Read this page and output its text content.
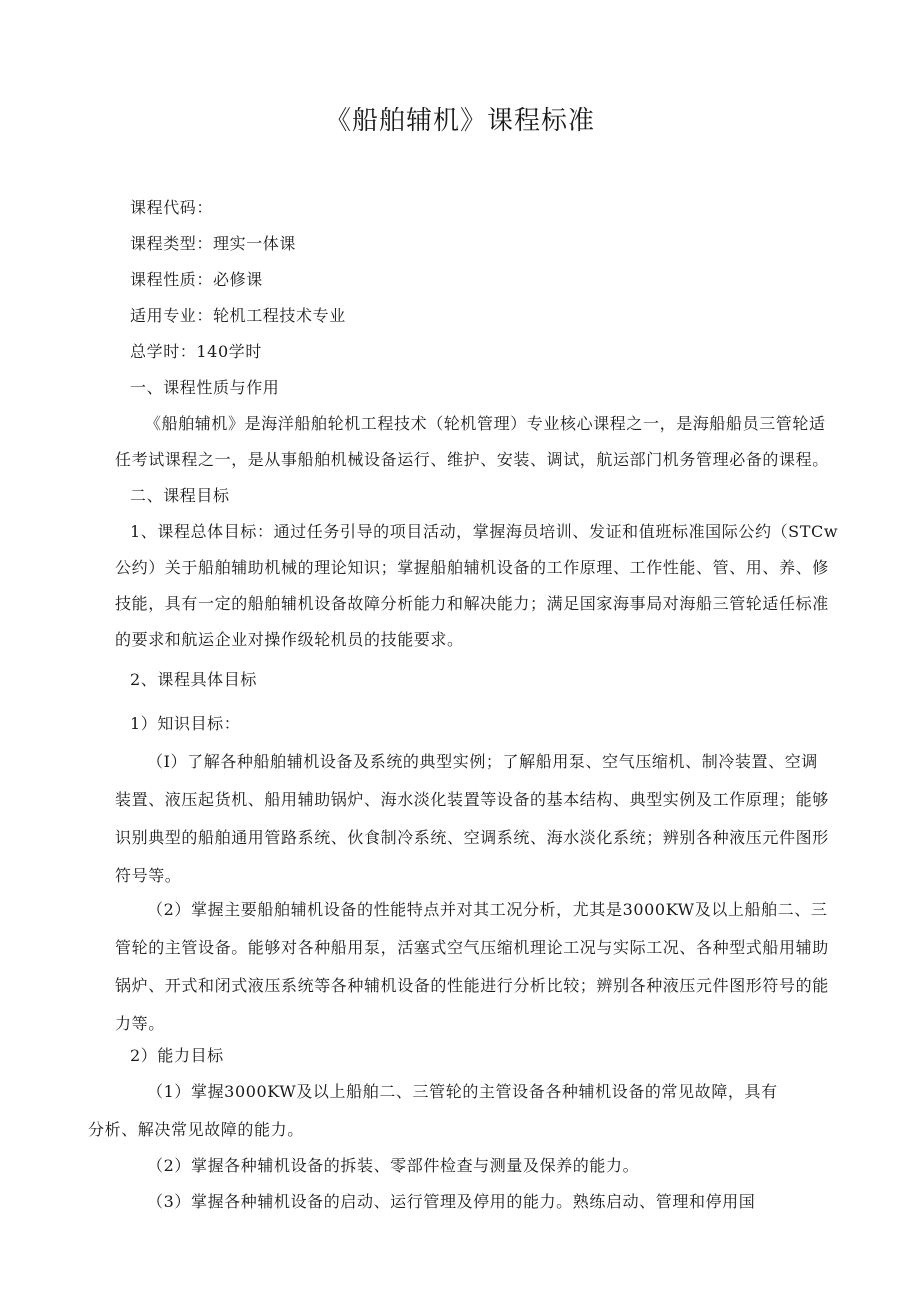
《船舶辅机》课程标准
课程代码：
课程类型：理实一体课
课程性质：必修课
适用专业：轮机工程技术专业
总学时：140学时
一、课程性质与作用
《船舶辅机》是海洋船舶轮机工程技术（轮机管理）专业核心课程之一，是海船船员三管轮适
任考试课程之一，是从事船舶机械设备运行、维护、安装、调试，航运部门机务管理必备的课程。
二、课程目标
1、课程总体目标：通过任务引导的项目活动，掌握海员培训、发证和值班标准国际公约（STCw
公约）关于船舶辅助机械的理论知识；掌握船舶辅机设备的工作原理、工作性能、管、用、养、修
技能，具有一定的船舶辅机设备故障分析能力和解决能力；满足国家海事局对海船三管轮适任标准
的要求和航运企业对操作级轮机员的技能要求。
2、课程具体目标
1）知识目标：
（I）了解各种船舶辅机设备及系统的典型实例；了解船用泵、空气压缩机、制冷装置、空调
装置、液压起货机、船用辅助锅炉、海水淡化装置等设备的基本结构、典型实例及工作原理；能够
识别典型的船舶通用管路系统、伙食制冷系统、空调系统、海水淡化系统；辨别各种液压元件图形
符号等。
（2）掌握主要船舶辅机设备的性能特点并对其工况分析，尤其是3000KW及以上船舶二、三
管轮的主管设备。能够对各种船用泵，活塞式空气压缩机理论工况与实际工况、各种型式船用辅助
锅炉、开式和闭式液压系统等各种辅机设备的性能进行分析比较；辨别各种液压元件图形符号的能
力等。
2）能力目标
（1）掌握3000KW及以上船舶二、三管轮的主管设备各种辅机设备的常见故障，具有
分析、解决常见故障的能力。
（2）掌握各种辅机设备的拆装、零部件检查与测量及保养的能力。
（3）掌握各种辅机设备的启动、运行管理及停用的能力。熟练启动、管理和停用国
